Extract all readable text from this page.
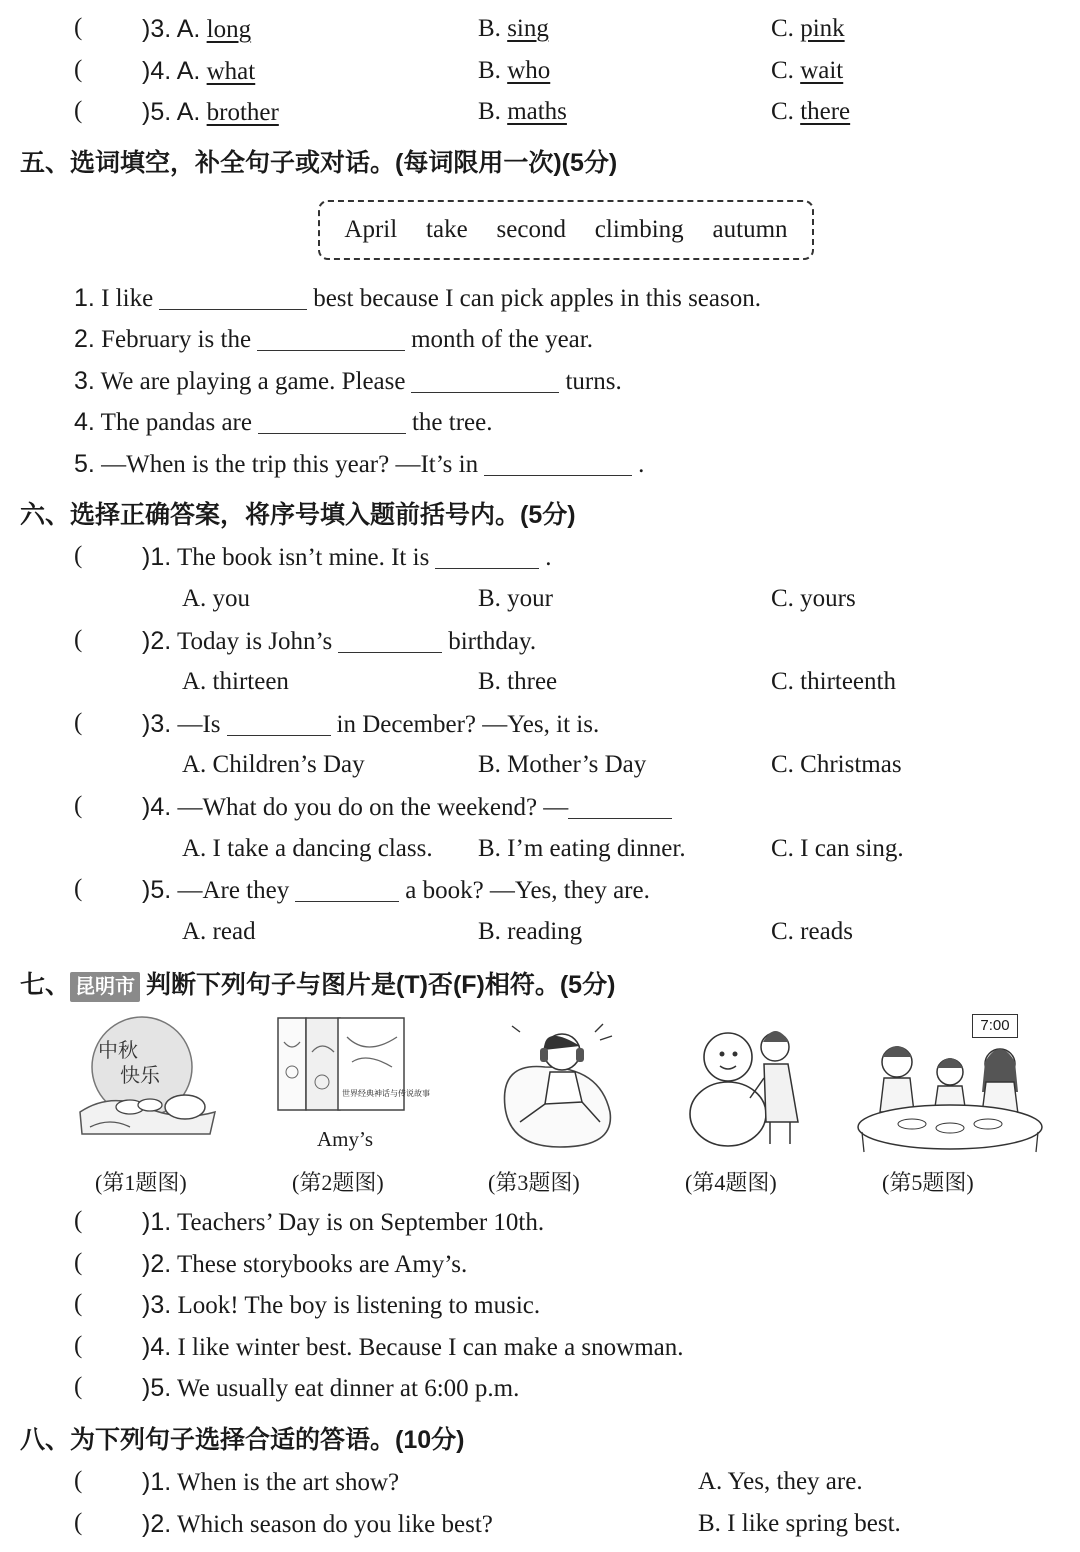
( )3. A. long	B. sing	C. pink
( )4. A. what	B. who	C. wait
( )5. A. brother	B. maths	C. there
五、选词填空，补全句子或对话。(每词限用一次)(5分)
April take second climbing autumn
1. I like	best because I can pick apples in this season.
2. February is the	month of the year.
3. We are playing a game. Please	turns.
4. The pandas are	the tree.
5. —When is the trip this year? —It’s in	.
六、选择正确答案，将序号填入题前括号内。(5分)
( )1. The book isn’t mine. It is	.
A. you	B. your	C. yours
( )2. Today is John’s	birthday.
A. thirteen	B. three	C. thirteenth
( )3. —Is	in December? —Yes, it is.
A. Children’s Day	B. Mother’s Day	C. Christmas
( )4. —What do you do on the weekend? —
A. I take a dancing class. B. I’m eating dinner.	C. I can sing.
( )5. —Are they	a book? —Yes, they are.
A. read	B. reading	C. reads
七、 昆明市 判断下列句子与图片是(T)否(F)相符。(5分)
中秋
快乐
世界经典神话与传说故事
Amy’s
7:00
(第1题图)	(第2题图)	(第3题图)	(第4题图)	(第5题图)
( )1. Teachers’ Day is on September 10th.
( )2. These storybooks are Amy’s.
( )3. Look! The boy is listening to music.
( )4. I like winter best. Because I can make a snowman.
( )5. We usually eat dinner at 6:00 p.m.
八、为下列句子选择合适的答语。(10分)
( )1. When is the art show?	A. Yes, they are.
( )2. Which season do you like best?	B. I like spring best.
